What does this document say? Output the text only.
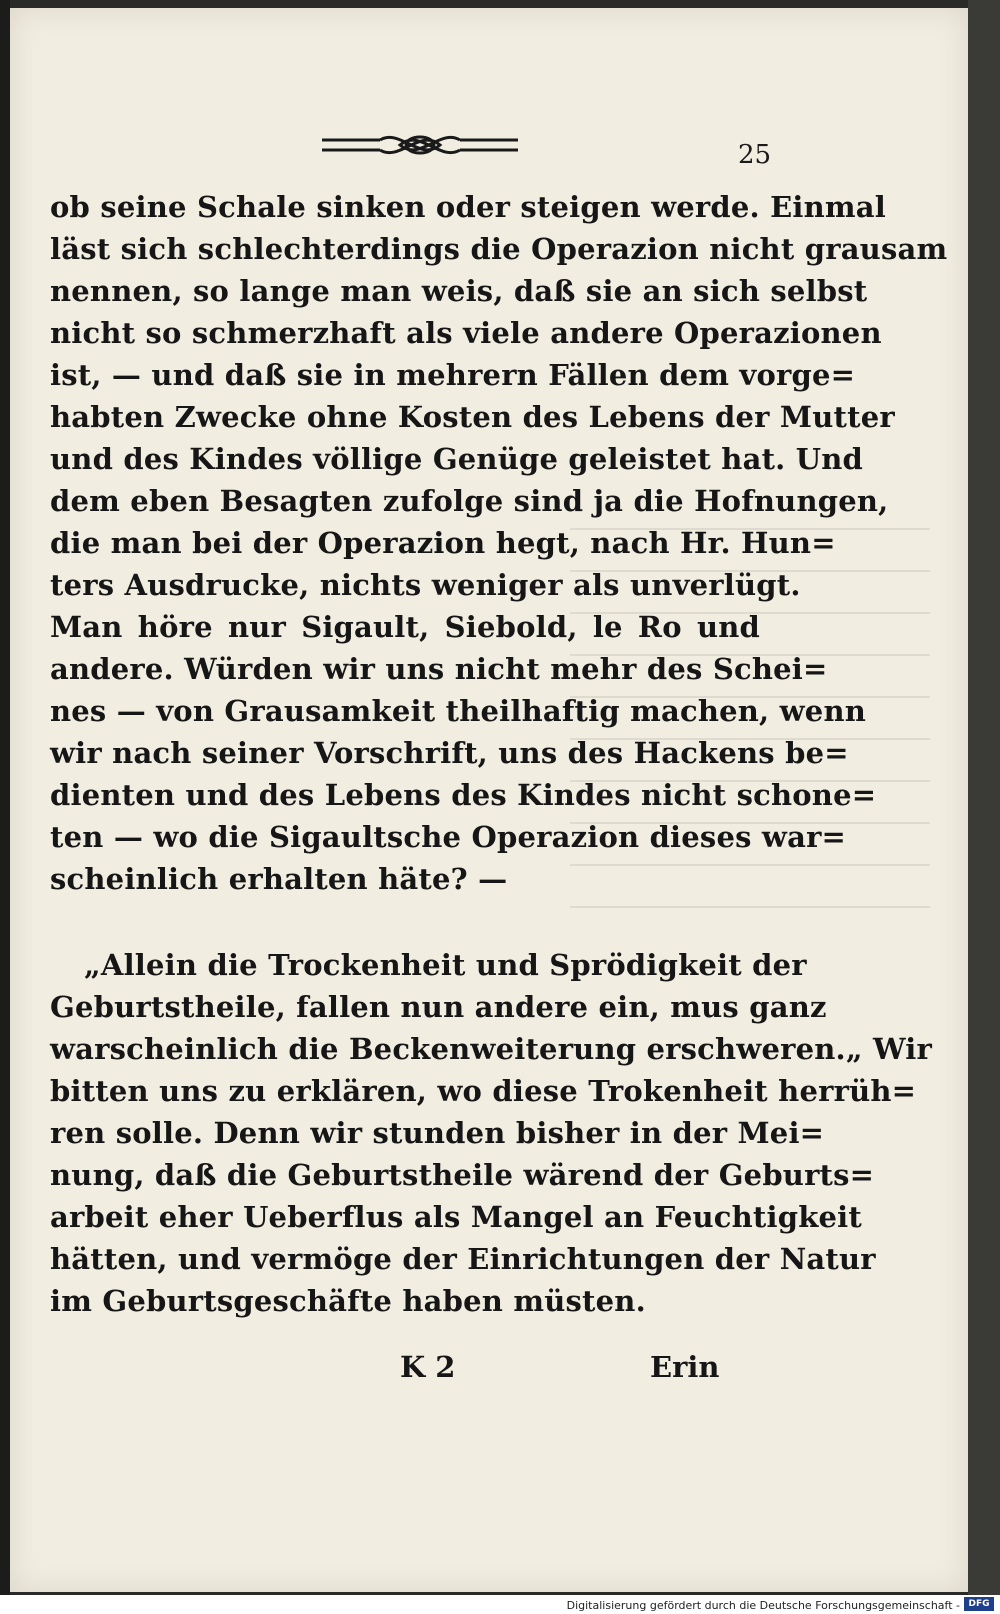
25
ob seine Schale sinken oder steigen werde. Einmal
läst sich schlechterdings die Operazion nicht grausam
nennen, so lange man weis, daß sie an sich selbst
nicht so schmerzhaft als viele andere Operazionen
ist, — und daß sie in mehrern Fällen dem vorge=
habten Zwecke ohne Kosten des Lebens der Mutter
und des Kindes völlige Genüge geleistet hat. Und
dem eben Besagten zufolge sind ja die Hofnungen,
die man bei der Operazion hegt, nach Hr. Hun=
ters Ausdrucke, nichts weniger als unverlügt.
Man höre nur Sigault, Siebold, le Ro und
andere. Würden wir uns nicht mehr des Schei=
nes — von Grausamkeit theilhaftig machen, wenn
wir nach seiner Vorschrift, uns des Hackens be=
dienten und des Lebens des Kindes nicht schone=
ten — wo die Sigaultsche Operazion dieses war=
scheinlich erhalten häte? —
„Allein die Trockenheit und Sprödigkeit der
Geburtstheile, fallen nun andere ein, mus ganz
warscheinlich die Beckenweiterung erschweren.„ Wir
bitten uns zu erklären, wo diese Trokenheit herrüh=
ren solle. Denn wir stunden bisher in der Mei=
nung, daß die Geburtstheile wärend der Geburts=
arbeit eher Ueberflus als Mangel an Feuchtigkeit
hätten, und vermöge der Einrichtungen der Natur
im Geburtsgeschäfte haben müsten.
K 2	Erin
Digitalisierung gefördert durch die Deutsche Forschungsgemeinschaft - DFG
